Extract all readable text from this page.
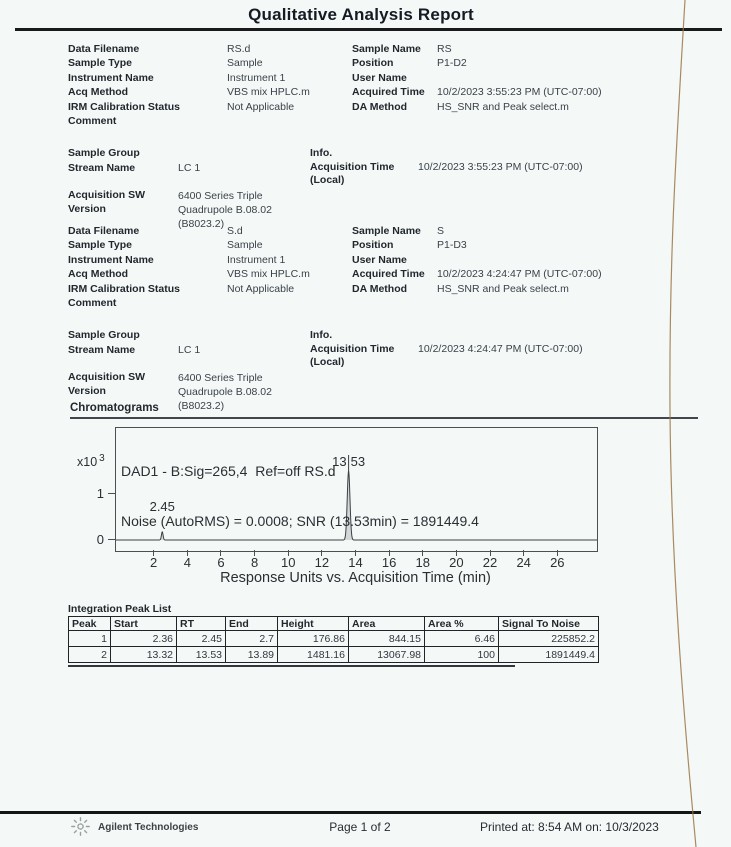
Qualitative Analysis Report
Data Filename	RS.d	Sample Name RS
Sample Type	Sample	Position	P1-D2
Instrument Name	Instrument 1	User Name
Acq Method	VBS mix HPLC.m	Acquired Time 10/2/2023 3:55:23 PM (UTC-07:00)
IRM Calibration Status	Not Applicable	DA Method	HS_SNR and Peak select.m
Comment
Sample Group	Info.
Stream Name	LC 1	Acquisition Time (Local)
10/2/2023 3:55:23 PM (UTC-07:00)
Acquisition SW Version
6400 Series Triple
Quadrupole B.08.02
(B8023.2)
Data Filename	S.d	Sample Name S
Sample Type	Sample	Position	P1-D3
Instrument Name	Instrument 1	User Name
Acq Method	VBS mix HPLC.m	Acquired Time 10/2/2023 4:24:47 PM (UTC-07:00)
IRM Calibration Status	Not Applicable	DA Method	HS_SNR and Peak select.m
Comment
Sample Group	Info.
Stream Name	LC 1	Acquisition Time (Local)
10/2/2023 4:24:47 PM (UTC-07:00)
Acquisition SW Version
6400 Series Triple
Quadrupole B.08.02
(B8023.2)
Chromatograms

DAD1 - B:Sig=265,4  Ref=off RS.d

Noise (AutoRMS) = 0.0008; SNR (13.53min) = 1891449.4

2.45
13 53
x10 $^3$
2	4	6	8	10	12	14	16	18	20	22	24	26
1
0
Response Units vs. Acquisition Time (min)
Integration Peak List
Peak	Start	RT	End	Height	Area	Area %	Signal To Noise
1	2.36	2.45	2.7	176.86	844.15	6.46	225852.2
2	13.32	13.53	13.89	1481.16	13067.98	100	1891449.4
Agilent Technologies	Page 1 of 2	Printed at: 8:54 AM on: 10/3/2023
